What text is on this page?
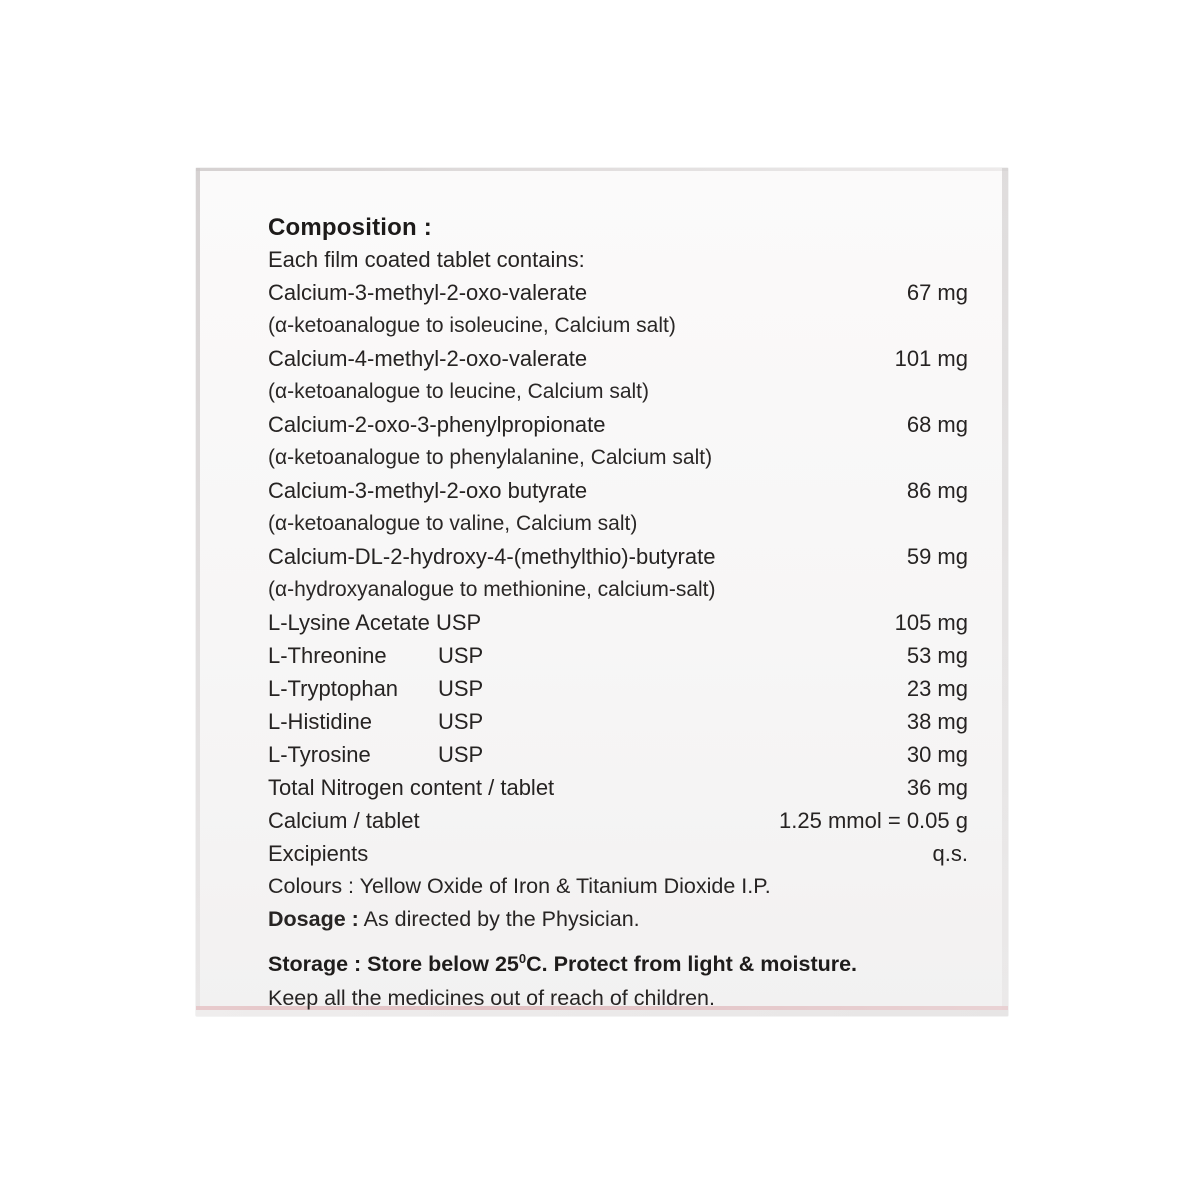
Composition :
Each film coated tablet contains:
Calcium-3-methyl-2-oxo-valerate	67 mg
(α-ketoanalogue to isoleucine, Calcium salt)
Calcium-4-methyl-2-oxo-valerate	101 mg
(α-ketoanalogue to leucine, Calcium salt)
Calcium-2-oxo-3-phenylpropionate	68 mg
(α-ketoanalogue to phenylalanine, Calcium salt)
Calcium-3-methyl-2-oxo butyrate	86 mg
(α-ketoanalogue to valine, Calcium salt)
Calcium-DL-2-hydroxy-4-(methylthio)-butyrate	59 mg
(α-hydroxyanalogue to methionine, calcium-salt)
L-Lysine Acetate USP	105 mg
L-Threonine USP	53 mg
L-Tryptophan USP	23 mg
L-Histidine	USP	38 mg
L-Tyrosine	USP	30 mg
Total Nitrogen content / tablet	36 mg
Calcium / tablet	1.25 mmol = 0.05 g
Excipients	q.s.
Colours : Yellow Oxide of Iron & Titanium Dioxide I.P.
Dosage : As directed by the Physician.
Storage : Store below $25^0C$. Protect from light & moisture.
Keep all the medicines out of reach of children.
